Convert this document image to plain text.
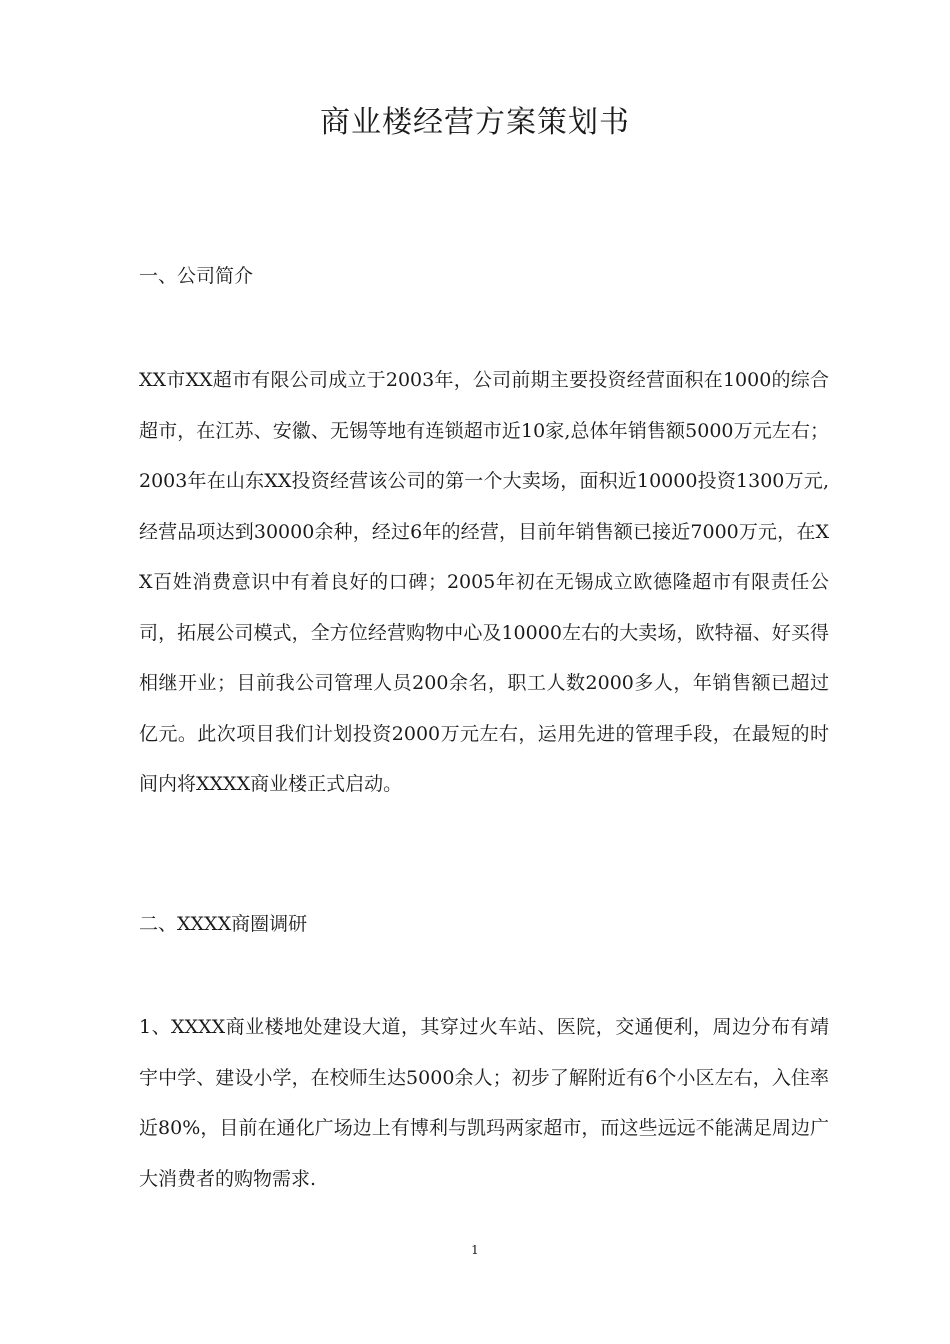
商业楼经营方案策划书
一、公司简介

XX市XX超市有限公司成立于2003年，公司前期主要投资经营面积在1000的综合超市，在江苏、安徽、无锡等地有连锁超市近10家,总体年销售额5000万元左右；2003年在山东XX投资经营该公司的第一个大卖场，面积近10000投资1300万元,经营品项达到30000余种，经过6年的经营，目前年销售额已接近7000万元，在XX百姓消费意识中有着良好的口碑；2005年初在无锡成立欧德隆超市有限责任公司，拓展公司模式，全方位经营购物中心及10000左右的大卖场，欧特福、好买得相继开业；目前我公司管理人员200余名，职工人数2000多人，年销售额已超过亿元。此次项目我们计划投资2000万元左右，运用先进的管理手段，在最短的时间内将XXXX商业楼正式启动。

二、XXXX商圈调研

1、XXXX商业楼地处建设大道，其穿过火车站、医院，交通便利，周边分布有靖宇中学、建设小学，在校师生达5000余人；初步了解附近有6个小区左右，入住率近80%，目前在通化广场边上有博利与凯玛两家超市，而这些远远不能满足周边广大消费者的购物需求.

1
